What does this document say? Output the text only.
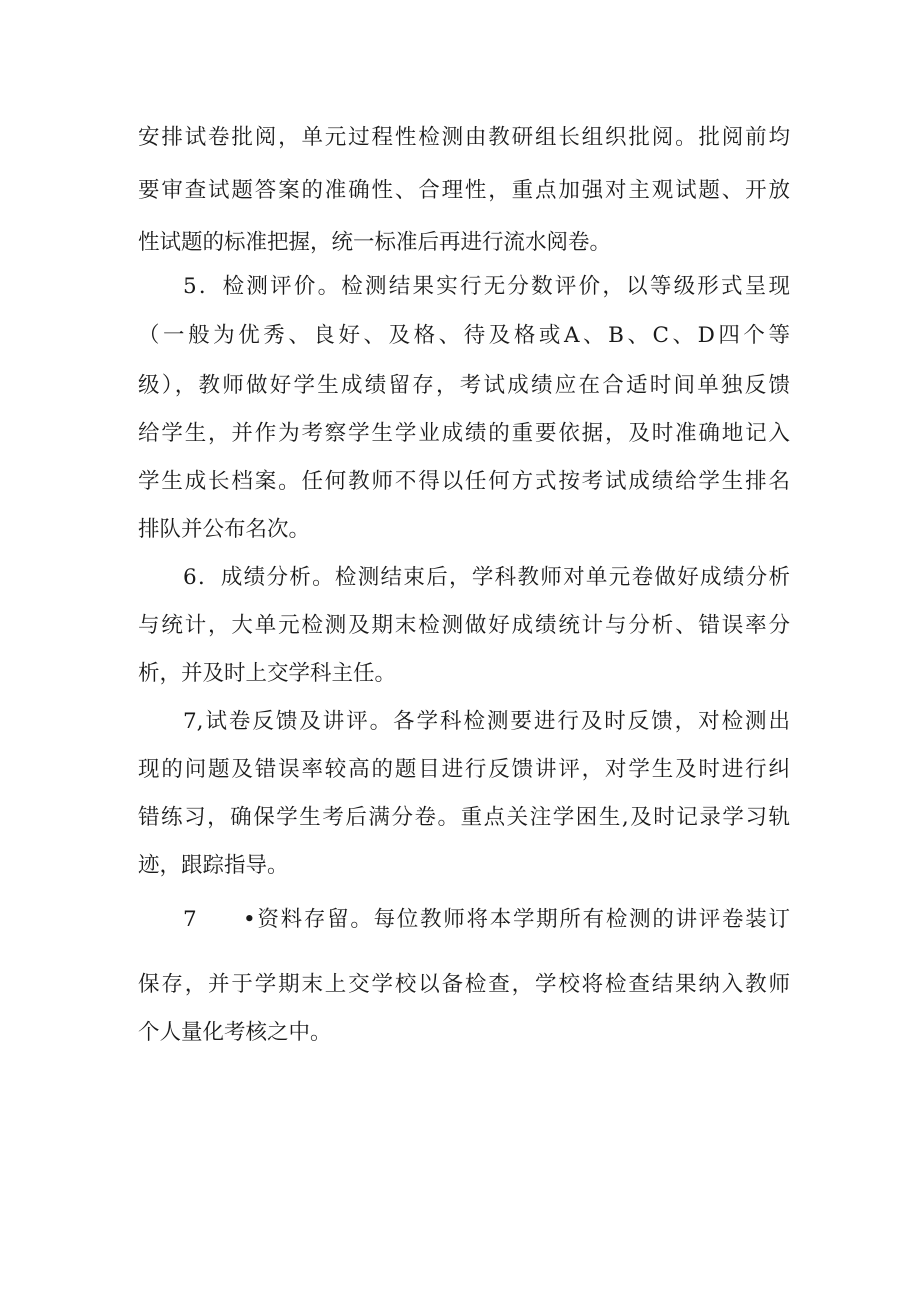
安排试卷批阅，单元过程性检测由教研组长组织批阅。批阅前均
要审查试题答案的准确性、合理性，重点加强对主观试题、开放
性试题的标准把握，统一标准后再进行流水阅卷。
5．检测评价。检测结果实行无分数评价，以等级形式呈现
（一般为优秀、良好、及格、待及格或A、B、C、D四个等
级），教师做好学生成绩留存，考试成绩应在合适时间单独反馈
给学生，并作为考察学生学业成绩的重要依据，及时准确地记入
学生成长档案。任何教师不得以任何方式按考试成绩给学生排名
排队并公布名次。
6．成绩分析。检测结束后，学科教师对单元卷做好成绩分析
与统计，大单元检测及期末检测做好成绩统计与分析、错误率分
析，并及时上交学科主任。
7,试卷反馈及讲评。各学科检测要进行及时反馈，对检测出
现的问题及错误率较高的题目进行反馈讲评，对学生及时进行纠
错练习，确保学生考后满分卷。重点关注学困生,及时记录学习轨
迹，跟踪指导。
7	•资料存留。每位教师将本学期所有检测的讲评卷装订
保存，并于学期末上交学校以备检查，学校将检查结果纳入教师
个人量化考核之中。
